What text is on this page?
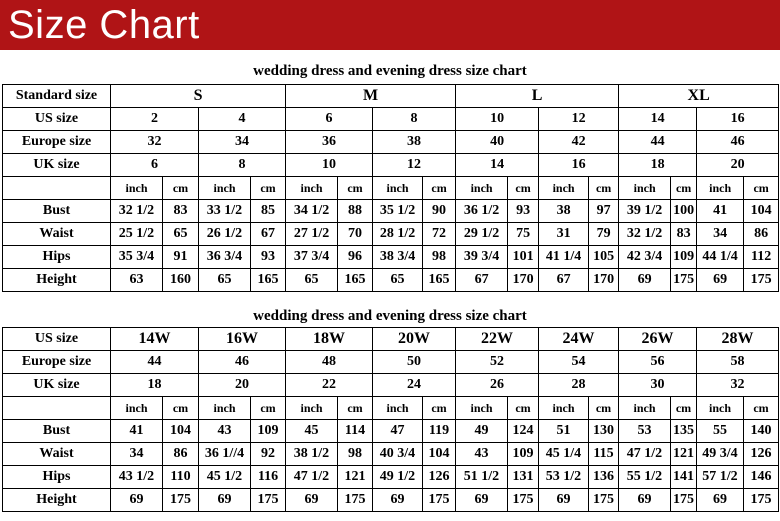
Size Chart
wedding dress and evening dress size chart
Standard size	S				M				L				XL			
US size	2		4		6		8		10		12		14		16	
Europe size	32		34		36		38		40		42		44		46	
UK size	6		8		10		12		14		16		18		20	
	inch	cm	inch	cm	inch	cm	inch	cm	inch	cm	inch	cm	inch	cm	inch	cm
Bust	32 1/2	83	33 1/2	85	34 1/2	88	35 1/2	90	36 1/2	93	38	97	39 1/2	100	41	104
Waist	25 1/2	65	26 1/2	67	27 1/2	70	28 1/2	72	29 1/2	75	31	79	32 1/2	83	34	86
Hips	35 3/4	91	36 3/4	93	37 3/4	96	38 3/4	98	39 3/4	101	41 1/4	105	42 3/4	109	44 1/4	112
Height	63	160	65	165	65	165	65	165	67	170	67	170	69	175	69	175
wedding dress and evening dress size chart
US size	14W		16W		18W		20W		22W		24W		26W		28W	
Europe size	44		46		48		50		52		54		56		58	
UK size	18		20		22		24		26		28		30		32	
	inch	cm	inch	cm	inch	cm	inch	cm	inch	cm	inch	cm	inch	cm	inch	cm
Bust	41	104	43	109	45	114	47	119	49	124	51	130	53	135	55	140
Waist	34	86	36 1//4	92	38 1/2	98	40 3/4	104	43	109	45 1/4	115	47 1/2	121	49 3/4	126
Hips	43 1/2	110	45 1/2	116	47 1/2	121	49 1/2	126	51 1/2	131	53 1/2	136	55 1/2	141	57 1/2	146
Height	69	175	69	175	69	175	69	175	69	175	69	175	69	175	69	175
